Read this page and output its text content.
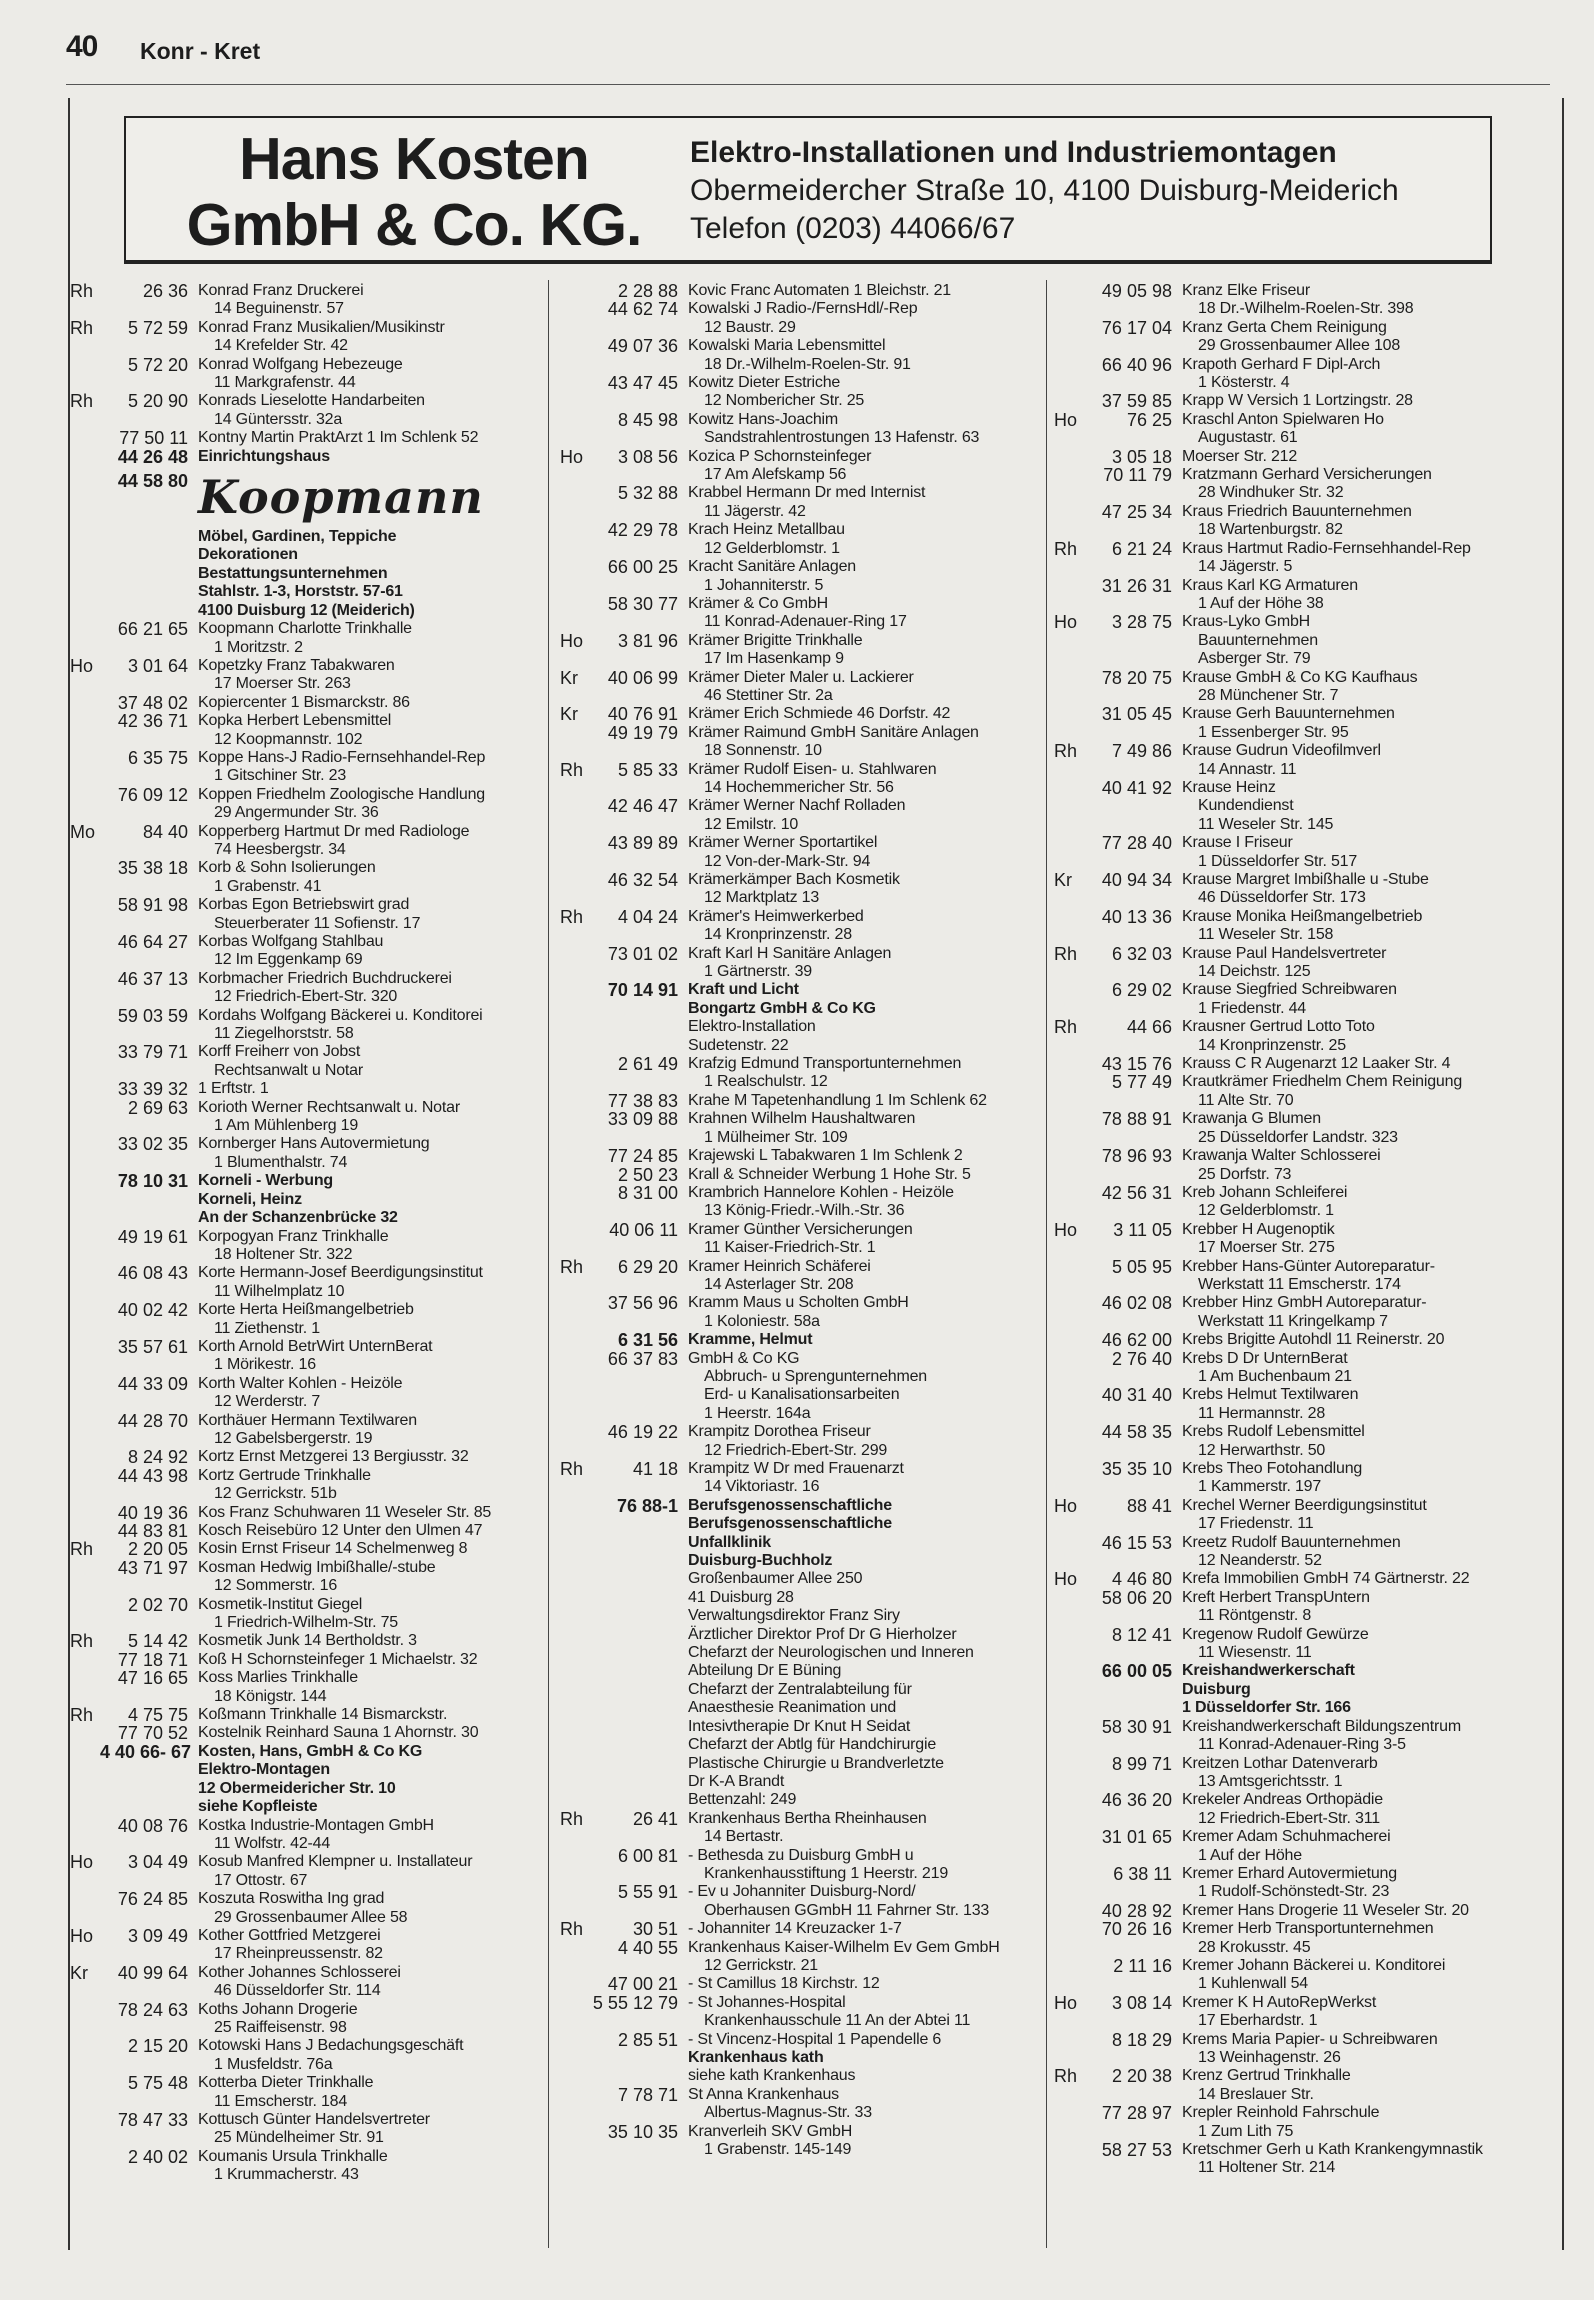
40 Konr - Kret
Hans Kosten
GmbH & Co. KG.
Elektro-Installationen und Industriemontagen
Obermeidercher Straße 10, 4100 Duisburg-Meiderich
Telefon (0203) 44066/67
Rh	26 36 Konrad Franz Druckerei
14 Beguinenstr. 57
Rh	5 72 59 Konrad Franz Musikalien/Musikinstr
14 Krefelder Str. 42
5 72 20 Konrad Wolfgang Hebezeuge
11 Markgrafenstr. 44
Rh	5 20 90 Konrads Lieselotte Handarbeiten
14 Güntersstr. 32a
77 50 11 Kontny Martin PraktArzt 1 Im Schlenk 52
44 26 48 Einrichtungshaus
44 58 80 Koopmann
Möbel, Gardinen, Teppiche
Dekorationen
Bestattungsunternehmen
Stahlstr. 1-3, Horststr. 57-61
4100 Duisburg 12 (Meiderich)
66 21 65 Koopmann Charlotte Trinkhalle
1 Moritzstr. 2
Ho	3 01 64 Kopetzky Franz Tabakwaren
17 Moerser Str. 263
37 48 02 Kopiercenter 1 Bismarckstr. 86
42 36 71 Kopka Herbert Lebensmittel
12 Koopmannstr. 102
6 35 75 Koppe Hans-J Radio-Fernsehhandel-Rep
1 Gitschiner Str. 23
76 09 12 Koppen Friedhelm Zoologische Handlung
29 Angermunder Str. 36
Mo	84 40 Kopperberg Hartmut Dr med Radiologe
74 Heesbergstr. 34
35 38 18 Korb & Sohn Isolierungen
1 Grabenstr. 41
58 91 98 Korbas Egon Betriebswirt grad
Steuerberater 11 Sofienstr. 17
46 64 27 Korbas Wolfgang Stahlbau
12 Im Eggenkamp 69
46 37 13 Korbmacher Friedrich Buchdruckerei
12 Friedrich-Ebert-Str. 320
59 03 59 Kordahs Wolfgang Bäckerei u. Konditorei
11 Ziegelhorststr. 58
33 79 71 Korff Freiherr von Jobst
Rechtsanwalt u Notar
33 39 32 1 Erftstr. 1
2 69 63 Korioth Werner Rechtsanwalt u. Notar
1 Am Mühlenberg 19
33 02 35 Kornberger Hans Autovermietung
1 Blumenthalstr. 74
78 10 31 Korneli - Werbung
Korneli, Heinz
An der Schanzenbrücke 32
49 19 61 Korpogyan Franz Trinkhalle
18 Holtener Str. 322
46 08 43 Korte Hermann-Josef Beerdigungsinstitut
11 Wilhelmplatz 10
40 02 42 Korte Herta Heißmangelbetrieb
11 Ziethenstr. 1
35 57 61 Korth Arnold BetrWirt UnternBerat
1 Mörikestr. 16
44 33 09 Korth Walter Kohlen - Heizöle
12 Werderstr. 7
44 28 70 Korthäuer Hermann Textilwaren
12 Gabelsbergerstr. 19
8 24 92 Kortz Ernst Metzgerei 13 Bergiusstr. 32
44 43 98 Kortz Gertrude Trinkhalle
12 Gerrickstr. 51b
40 19 36 Kos Franz Schuhwaren 11 Weseler Str. 85
44 83 81 Kosch Reisebüro 12 Unter den Ulmen 47
Rh	2 20 05 Kosin Ernst Friseur 14 Schelmenweg 8
43 71 97 Kosman Hedwig Imbißhalle/-stube
12 Sommerstr. 16
2 02 70 Kosmetik-Institut Giegel
1 Friedrich-Wilhelm-Str. 75
Rh	5 14 42 Kosmetik Junk 14 Bertholdstr. 3
77 18 71 Koß H Schornsteinfeger 1 Michaelstr. 32
47 16 65 Koss Marlies Trinkhalle
18 Königstr. 144
Rh	4 75 75 Koßmann Trinkhalle 14 Bismarckstr.
77 70 52 Kostelnik Reinhard Sauna 1 Ahornstr. 30
4 40 66- 67 Kosten, Hans, GmbH & Co KG
Elektro-Montagen
12 Obermeidericher Str. 10
siehe Kopfleiste
40 08 76 Kostka Industrie-Montagen GmbH
11 Wolfstr. 42-44
Ho	3 04 49 Kosub Manfred Klempner u. Installateur
17 Ottostr. 67
76 24 85 Koszuta Roswitha Ing grad
29 Grossenbaumer Allee 58
Ho	3 09 49 Kother Gottfried Metzgerei
17 Rheinpreussenstr. 82
Kr	40 99 64 Kother Johannes Schlosserei
46 Düsseldorfer Str. 114
78 24 63 Koths Johann Drogerie
25 Raiffeisenstr. 98
2 15 20 Kotowski Hans J Bedachungsgeschäft
1 Musfeldstr. 76a
5 75 48 Kotterba Dieter Trinkhalle
11 Emscherstr. 184
78 47 33 Kottusch Günter Handelsvertreter
25 Mündelheimer Str. 91
2 40 02 Koumanis Ursula Trinkhalle
1 Krummacherstr. 43
2 28 88 Kovic Franc Automaten 1 Bleichstr. 21
44 62 74 Kowalski J Radio-/FernsHdl/-Rep
12 Baustr. 29
49 07 36 Kowalski Maria Lebensmittel
18 Dr.-Wilhelm-Roelen-Str. 91
43 47 45 Kowitz Dieter Estriche
12 Nombericher Str. 25
8 45 98 Kowitz Hans-Joachim
Sandstrahlentrostungen 13 Hafenstr. 63
Ho	3 08 56 Kozica P Schornsteinfeger
17 Am Alefskamp 56
5 32 88 Krabbel Hermann Dr med Internist
11 Jägerstr. 42
42 29 78 Krach Heinz Metallbau
12 Gelderblomstr. 1
66 00 25 Kracht Sanitäre Anlagen
1 Johanniterstr. 5
58 30 77 Krämer & Co GmbH
11 Konrad-Adenauer-Ring 17
Ho	3 81 96 Krämer Brigitte Trinkhalle
17 Im Hasenkamp 9
Kr	40 06 99 Krämer Dieter Maler u. Lackierer
46 Stettiner Str. 2a
Kr	40 76 91 Krämer Erich Schmiede 46 Dorfstr. 42
49 19 79 Krämer Raimund GmbH Sanitäre Anlagen
18 Sonnenstr. 10
Rh	5 85 33 Krämer Rudolf Eisen- u. Stahlwaren
14 Hochemmericher Str. 56
42 46 47 Krämer Werner Nachf Rolladen
12 Emilstr. 10
43 89 89 Krämer Werner Sportartikel
12 Von-der-Mark-Str. 94
46 32 54 Krämerkämper Bach Kosmetik
12 Marktplatz 13
Rh	4 04 24 Krämer's Heimwerkerbed
14 Kronprinzenstr. 28
73 01 02 Kraft Karl H Sanitäre Anlagen
1 Gärtnerstr. 39
70 14 91 Kraft und Licht
Bongartz GmbH & Co KG
Elektro-Installation
Sudetenstr. 22
2 61 49 Krafzig Edmund Transportunternehmen
1 Realschulstr. 12
77 38 83 Krahe M Tapetenhandlung 1 Im Schlenk 62
33 09 88 Krahnen Wilhelm Haushaltwaren
1 Mülheimer Str. 109
77 24 85 Krajewski L Tabakwaren 1 Im Schlenk 2
2 50 23 Krall & Schneider Werbung 1 Hohe Str. 5
8 31 00 Krambrich Hannelore Kohlen - Heizöle
13 König-Friedr.-Wilh.-Str. 36
40 06 11 Kramer Günther Versicherungen
11 Kaiser-Friedrich-Str. 1
Rh	6 29 20 Kramer Heinrich Schäferei
14 Asterlager Str. 208
37 56 96 Kramm Maus u Scholten GmbH
1 Koloniestr. 58a
6 31 56 Kramme, Helmut
66 37 83 GmbH & Co KG
Abbruch- u Sprengunternehmen
Erd- u Kanalisationsarbeiten
1 Heerstr. 164a
46 19 22 Krampitz Dorothea Friseur
12 Friedrich-Ebert-Str. 299
Rh	41 18 Krampitz W Dr med Frauenarzt
14 Viktoriastr. 16
76 88-1 Berufsgenossenschaftliche
Berufsgenossenschaftliche
Unfallklinik
Duisburg-Buchholz
Großenbaumer Allee 250
41 Duisburg 28
Verwaltungsdirektor Franz Siry
Ärztlicher Direktor Prof Dr G Hierholzer
Chefarzt der Neurologischen und Inneren
Abteilung Dr E Büning
Chefarzt der Zentralabteilung für
Anaesthesie Reanimation und
Intesivtherapie Dr Knut H Seidat
Chefarzt der Abtlg für Handchirurgie
Plastische Chirurgie u Brandverletzte
Dr K-A Brandt
Bettenzahl: 249
Rh	26 41 Krankenhaus Bertha Rheinhausen
14 Bertastr.
6 00 81 - Bethesda zu Duisburg GmbH u
Krankenhausstiftung 1 Heerstr. 219
5 55 91 - Ev u Johanniter Duisburg-Nord/
Oberhausen GGmbH 11 Fahrner Str. 133
Rh	30 51 - Johanniter 14 Kreuzacker 1-7
4 40 55 Krankenhaus Kaiser-Wilhelm Ev Gem GmbH
12 Gerrickstr. 21
47 00 21 - St Camillus 18 Kirchstr. 12
5 55 12 79 - St Johannes-Hospital
Krankenhausschule 11 An der Abtei 11
2 85 51 - St Vincenz-Hospital 1 Papendelle 6
Krankenhaus kath
siehe kath Krankenhaus
7 78 71 St Anna Krankenhaus
Albertus-Magnus-Str. 33
35 10 35 Kranverleih SKV GmbH
1 Grabenstr. 145-149
49 05 98 Kranz Elke Friseur
18 Dr.-Wilhelm-Roelen-Str. 398
76 17 04 Kranz Gerta Chem Reinigung
29 Grossenbaumer Allee 108
66 40 96 Krapoth Gerhard F Dipl-Arch
1 Kösterstr. 4
37 59 85 Krapp W Versich 1 Lortzingstr. 28
Ho	76 25 Kraschl Anton Spielwaren Ho
Augustastr. 61
3 05 18 Moerser Str. 212
70 11 79 Kratzmann Gerhard Versicherungen
28 Windhuker Str. 32
47 25 34 Kraus Friedrich Bauunternehmen
18 Wartenburgstr. 82
Rh	6 21 24 Kraus Hartmut Radio-Fernsehhandel-Rep
14 Jägerstr. 5
31 26 31 Kraus Karl KG Armaturen
1 Auf der Höhe 38
Ho	3 28 75 Kraus-Lyko GmbH
Bauunternehmen
Asberger Str. 79
78 20 75 Krause GmbH & Co KG Kaufhaus
28 Münchener Str. 7
31 05 45 Krause Gerh Bauunternehmen
1 Essenberger Str. 95
Rh	7 49 86 Krause Gudrun Videofilmverl
14 Annastr. 11
40 41 92 Krause Heinz
Kundendienst
11 Weseler Str. 145
77 28 40 Krause I Friseur
1 Düsseldorfer Str. 517
Kr	40 94 34 Krause Margret Imbißhalle u -Stube
46 Düsseldorfer Str. 173
40 13 36 Krause Monika Heißmangelbetrieb
11 Weseler Str. 158
Rh	6 32 03 Krause Paul Handelsvertreter
14 Deichstr. 125
6 29 02 Krause Siegfried Schreibwaren
1 Friedenstr. 44
Rh	44 66 Krausner Gertrud Lotto Toto
14 Kronprinzenstr. 25
43 15 76 Krauss C R Augenarzt 12 Laaker Str. 4
5 77 49 Krautkrämer Friedhelm Chem Reinigung
11 Alte Str. 70
78 88 91 Krawanja G Blumen
25 Düsseldorfer Landstr. 323
78 96 93 Krawanja Walter Schlosserei
25 Dorfstr. 73
42 56 31 Kreb Johann Schleiferei
12 Gelderblomstr. 1
Ho	3 11 05 Krebber H Augenoptik
17 Moerser Str. 275
5 05 95 Krebber Hans-Günter Autoreparatur-
Werkstatt 11 Emscherstr. 174
46 02 08 Krebber Hinz GmbH Autoreparatur-
Werkstatt 11 Kringelkamp 7
46 62 00 Krebs Brigitte Autohdl 11 Reinerstr. 20
2 76 40 Krebs D Dr UnternBerat
1 Am Buchenbaum 21
40 31 40 Krebs Helmut Textilwaren
11 Hermannstr. 28
44 58 35 Krebs Rudolf Lebensmittel
12 Herwarthstr. 50
35 35 10 Krebs Theo Fotohandlung
1 Kammerstr. 197
Ho	88 41 Krechel Werner Beerdigungsinstitut
17 Friedenstr. 11
46 15 53 Kreetz Rudolf Bauunternehmen
12 Neanderstr. 52
Ho	4 46 80 Krefa Immobilien GmbH 74 Gärtnerstr. 22
58 06 20 Kreft Herbert TranspUntern
11 Röntgenstr. 8
8 12 41 Kregenow Rudolf Gewürze
11 Wiesenstr. 11
66 00 05 Kreishandwerkerschaft
Duisburg
1 Düsseldorfer Str. 166
58 30 91 Kreishandwerkerschaft Bildungszentrum
11 Konrad-Adenauer-Ring 3-5
8 99 71 Kreitzen Lothar Datenverarb
13 Amtsgerichtsstr. 1
46 36 20 Krekeler Andreas Orthopädie
12 Friedrich-Ebert-Str. 311
31 01 65 Kremer Adam Schuhmacherei
1 Auf der Höhe
6 38 11 Kremer Erhard Autovermietung
1 Rudolf-Schönstedt-Str. 23
40 28 92 Kremer Hans Drogerie 11 Weseler Str. 20
70 26 16 Kremer Herb Transportunternehmen
28 Krokusstr. 45
2 11 16 Kremer Johann Bäckerei u. Konditorei
1 Kuhlenwall 54
Ho	3 08 14 Kremer K H AutoRepWerkst
17 Eberhardstr. 1
8 18 29 Krems Maria Papier- u Schreibwaren
13 Weinhagenstr. 26
Rh	2 20 38 Krenz Gertrud Trinkhalle
14 Breslauer Str.
77 28 97 Krepler Reinhold Fahrschule
1 Zum Lith 75
58 27 53 Kretschmer Gerh u Kath Krankengymnastik
11 Holtener Str. 214
